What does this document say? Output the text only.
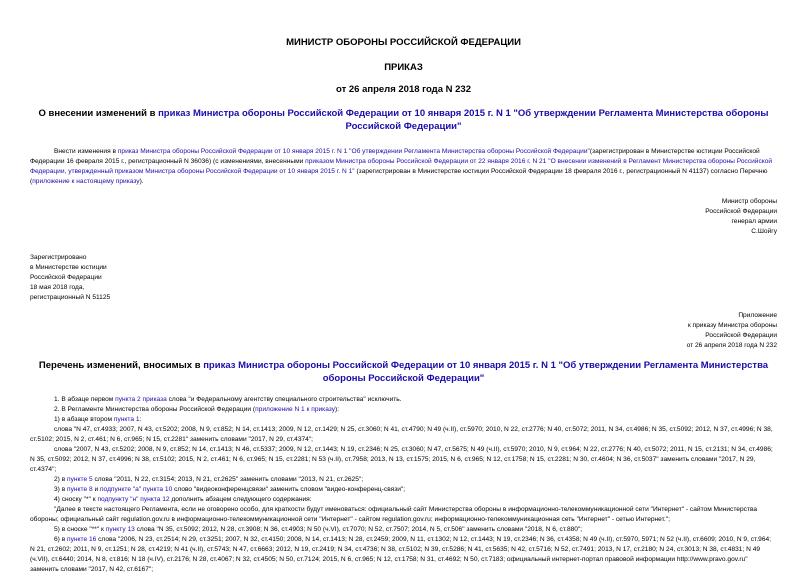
МИНИСТР ОБОРОНЫ РОССИЙСКОЙ ФЕДЕРАЦИИ
ПРИКАЗ
от 26 апреля 2018 года N 232
О внесении изменений в приказ Министра обороны Российской Федерации от 10 января 2015 г. N 1 "Об утверждении Регламента Министерства обороны Российской Федерации"
Внести изменения в приказ Министра обороны Российской Федерации от 10 января 2015 г. N 1 "Об утверждении Регламента Министерства обороны Российской Федерации"(зарегистрирован в Министерстве юстиции Российской Федерации 16 февраля 2015 г., регистрационный N 36036) (с изменениями, внесенными приказом Министра обороны Российской Федерации от 22 января 2016 г. N 21 "О внесении изменений в Регламент Министерства обороны Российской Федерации, утвержденный приказом Министра обороны Российской Федерации от 10 января 2015 г. N 1" (зарегистрирован в Министерстве юстиции Российской Федерации 18 февраля 2016 г., регистрационный N 41137) согласно Перечню (приложение к настоящему приказу).
Министр обороны
Российской Федерации
генерал армии
С.Шойгу
Зарегистрировано
в Министерстве юстиции
Российской Федерации
18 мая 2018 года,
регистрационный N 51125
Приложение
к приказу Министра обороны
Российской Федерации
от 26 апреля 2018 года N 232
Перечень изменений, вносимых в приказ Министра обороны Российской Федерации от 10 января 2015 г. N 1 "Об утверждении Регламента Министерства обороны Российской Федерации"

1. В абзаце первом пункта 2 приказа слова "и Федеральному агентству специального строительства" исключить.

2. В Регламенте Министерства обороны Российской Федерации (приложение N 1 к приказу):

1) в абзаце втором пункта 1:

слова "N 47, ст.4933; 2007, N 43, ст.5202; 2008, N 9, ст.852; N 14, ст.1413; 2009, N 12, ст.1429; N 25, ст.3060; N 41, ст.4790; N 49 (ч.II), ст.5970; 2010, N 22, ст.2776; N 40, ст.5072; 2011, N 34, ст.4986; N 35, ст.5092; 2012, N 37, ст.4996; N 38, ст.5102; 2015, N 2, ст.461; N 6, ст.965; N 15, ст.2281" заменить словами "2017, N 29, ст.4374";

слова "2007, N 43, ст.5202; 2008, N 9, ст.852; N 14, ст.1413; N 46, ст.5337; 2009, N 12, ст.1443; N 19, ст.2346; N 25, ст.3060; N 47, ст.5675; N 49 (ч.II), ст.5970; 2010, N 9, ст.964; N 22, ст.2776; N 40, ст.5072; 2011, N 15, ст.2131; N 34, ст.4986; N 35, ст.5092; 2012, N 37, ст.4996; N 38, ст.5102; 2015, N 2, ст.461; N 6, ст.965; N 15, ст.2281; N 53 (ч.II), ст.7958; 2013, N 13, ст.1575; 2015, N 6, ст.965; N 12, ст.1758; N 15, ст.2281; N 30, ст.4604; N 36, ст.5037" заменить словами "2017, N 29, ст.4374";

2) в пункте 5 слова "2011, N 22, ст.3154; 2013, N 21, ст.2625" заменить словами "2013, N 21, ст.2625";

3) в пункте 8 и подпункте "а" пункта 10 слово "видеоконференцсвязи" заменить словом "видео-конференц-связи";

4) сноску "*" к подпункту "н" пункта 12 дополнить абзацем следующего содержания:

"Далее в тексте настоящего Регламента, если не оговорено особо, для краткости будут именоваться: официальный сайт Министерства обороны в информационно-телекоммуникационной сети "Интернет" - сайтом Министерства обороны; официальный сайт regulation.gov.ru в информационно-телекоммуникационной сети "Интернет" - сайтом regulation.gov.ru; информационно-телекоммуникационная сеть "Интернет" - сетью Интернет.";

5) в сноске "**" к пункту 13 слова "N 35, ст.5092; 2012, N 28, ст.3908; N 36, ст.4903; N 50 (ч.VI), ст.7070; N 52, ст.7507; 2014, N 5, ст.506" заменить словами "2018, N 6, ст.880";

6) в пункте 16 слова "2006, N 23, ст.2514; N 29, ст.3251; 2007, N 32, ст.4150; 2008, N 14, ст.1413; N 28, ст.2459; 2009, N 11, ст.1302; N 12, ст.1443; N 19, ст.2346; N 36, ст.4358; N 49 (ч.II), ст.5970, 5971; N 52 (ч.II), ст.6609; 2010, N 9, ст.964; N 21, ст.2602; 2011, N 9, ст.1251; N 28, ст.4219; N 41 (ч.II), ст.5743; N 47, ст.6663; 2012, N 19, ст.2419; N 34, ст.4736; N 38, ст.5102; N 39, ст.5286; N 41, ст.5635; N 42, ст.5716; N 52, ст.7491; 2013, N 17, ст.2180; N 24, ст.3013; N 38, ст.4831; N 49 (ч.VII), ст.6440; 2014, N 8, ст.816; N 18 (ч.IV), ст.2176; N 28, ст.4067; N 32, ст.4505; N 50, ст.7124; 2015, N 6, ст.965; N 12, ст.1758; N 31, ст.4692; N 50, ст.7183; официальный интернет-портал правовой информации http://www.pravo.gov.ru" заменить словами "2017, N 42, ст.6167";
